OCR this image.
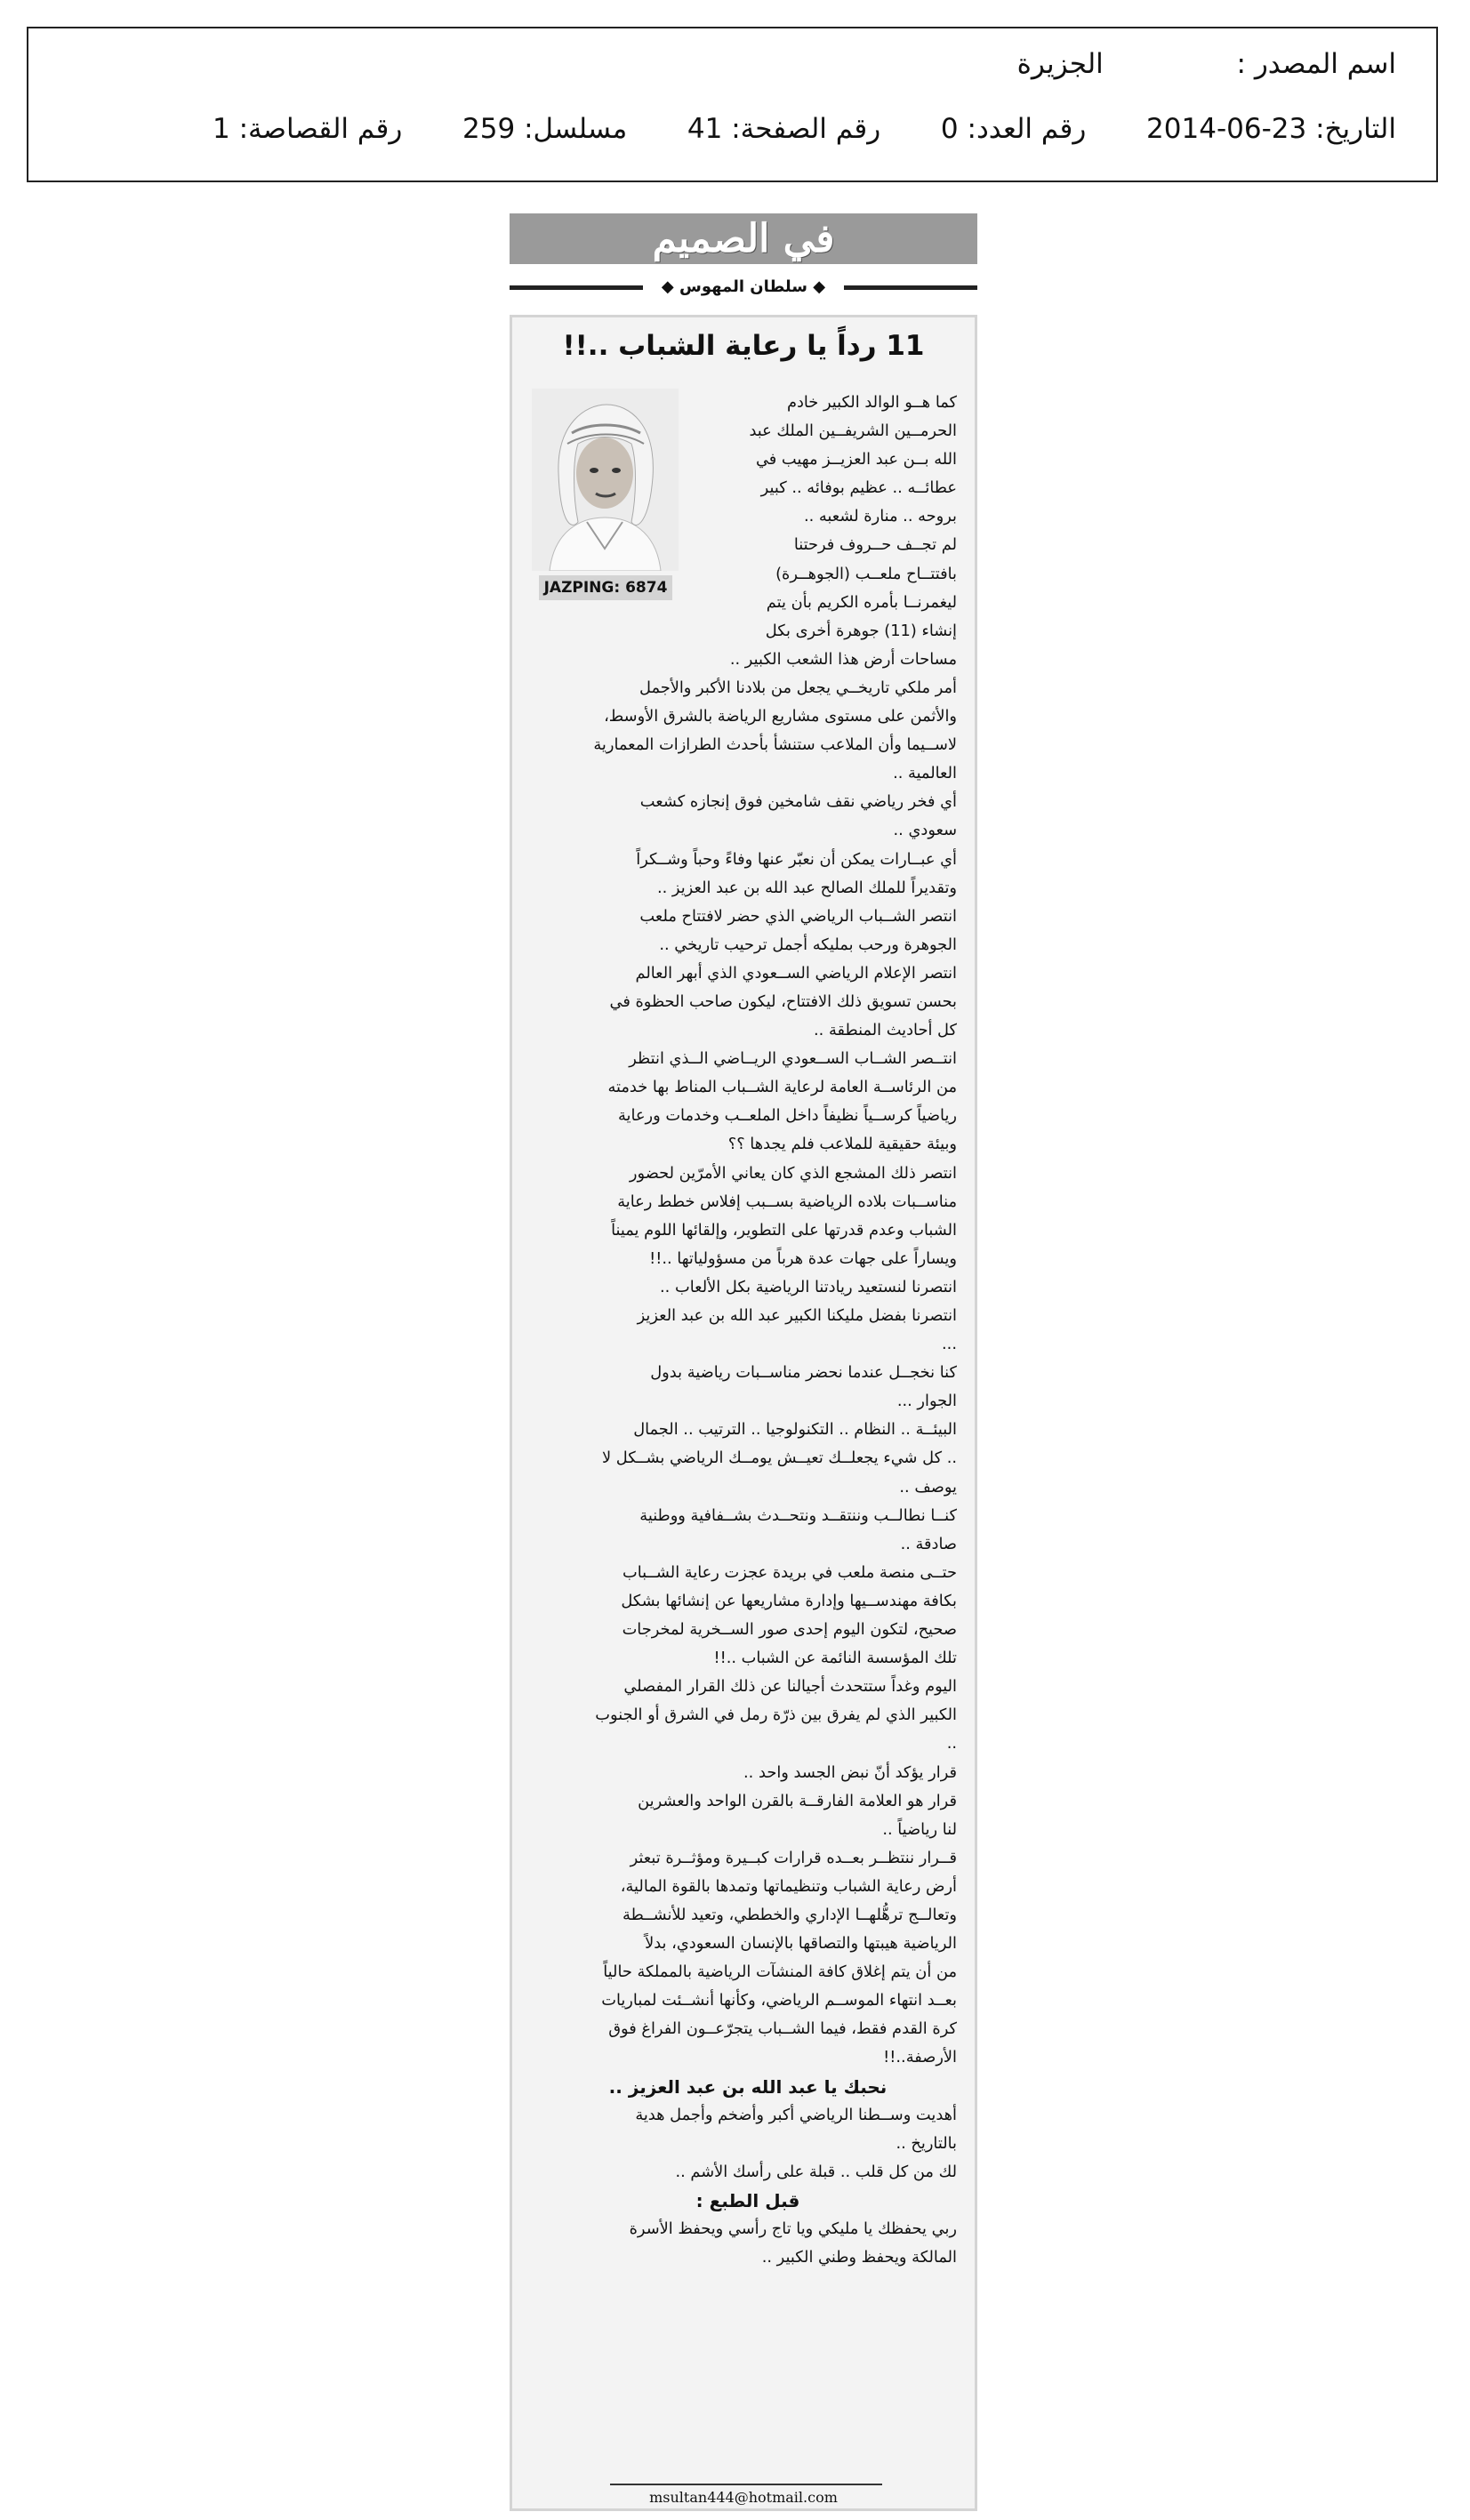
اسم المصدر :  الجزيرة
التاريخ: 2014-06-23  رقم العدد: 0  رقم الصفحة: 41  مسلسل: 259  رقم القصاصة: 1
في الصميم
◆ سلطان المهوس ◆
11 رداً يا رعاية الشباب ..!!
JAZPING: 6874
كما هــو الوالد الكبير خادم
الحرمــين الشريفــين الملك عبد
الله بــن عبد العزيــز مهيب في
عطائــه .. عظيم بوفائه .. كبير
بروحه .. منارة لشعبه ..
لم تجــف حــروف فرحتنا
بافتتــاح ملعــب (الجوهــرة)
ليغمرنــا بأمره الكريم بأن يتم
إنشاء (11) جوهرة أخرى بكل
مساحات أرض هذا الشعب الكبير ..
أمر ملكي تاريخــي يجعل من بلادنا الأكبر والأجمل
والأثمن على مستوى مشاريع الرياضة بالشرق الأوسط،
لاســيما وأن الملاعب ستنشأ بأحدث الطرازات المعمارية
العالمية ..
أي فخر رياضي نقف شامخين فوق إنجازه كشعب
سعودي ..
أي عبــارات يمكن أن نعبّر عنها وفاءً وحباً وشــكراً
وتقديراً للملك الصالح عبد الله بن عبد العزيز ..
انتصر الشــباب الرياضي الذي حضر لافتتاح ملعب
الجوهرة ورحب بمليكه أجمل ترحيب تاريخي ..
انتصر الإعلام الرياضي الســعودي الذي أبهر العالم
بحسن تسويق ذلك الافتتاح، ليكون صاحب الحظوة في
كل أحاديث المنطقة ..
انتــصر الشــاب الســعودي الريــاضي الــذي انتظر
من الرئاســة العامة لرعاية الشــباب المناط بها خدمته
رياضياً كرســياً نظيفاً داخل الملعــب وخدمات ورعاية
وبيئة حقيقية للملاعب فلم يجدها ؟؟
انتصر ذلك المشجع الذي كان يعاني الأمرّين لحضور
مناســبات بلاده الرياضية بســبب إفلاس خطط رعاية
الشباب وعدم قدرتها على التطوير، وإلقائها اللوم يميناً
ويساراً على جهات عدة هرباً من مسؤولياتها ..!!
انتصرنا لنستعيد ريادتنا الرياضية بكل الألعاب ..
انتصرنا بفضل مليكنا الكبير عبد الله بن عبد العزيز
...
كنا نخجــل عندما نحضر مناســبات رياضية بدول
الجوار ...
البيئــة .. النظام .. التكنولوجيا .. الترتيب .. الجمال
.. كل شيء يجعلــك تعيــش يومــك الرياضي بشــكل لا
يوصف ..
كنــا نطالــب وننتقــد ونتحــدث بشــفافية ووطنية
صادقة ..
حتــى منصة ملعب في بريدة عجزت رعاية الشــباب
بكافة مهندســيها وإدارة مشاريعها عن إنشائها بشكل
صحيح، لتكون اليوم إحدى صور الســخرية لمخرجات
تلك المؤسسة النائمة عن الشباب ..!!
اليوم وغداً ستتحدث أجيالنا عن ذلك القرار المفصلي
الكبير الذي لم يفرق بين ذرّة رمل في الشرق أو الجنوب
..
قرار يؤكد أنّ نبض الجسد واحد ..
قرار هو العلامة الفارقــة بالقرن الواحد والعشرين
لنا رياضياً ..
قــرار ننتظــر بعــده قرارات كبــيرة ومؤثــرة تبعثر
أرض رعاية الشباب وتنظيماتها وتمدها بالقوة المالية،
وتعالــج ترهُّلهــا الإداري والخططي، وتعيد للأنشــطة
الرياضية هيبتها والتصاقها بالإنسان السعودي، بدلاً
من أن يتم إغلاق كافة المنشآت الرياضية بالمملكة حالياً
بعــد انتهاء الموســم الرياضي، وكأنها أنشــئت لمباريات
كرة القدم فقط، فيما الشــباب يتجرّعــون الفراغ فوق
الأرصفة..!!
نحبك يا عبد الله بن عبد العزيز ..
أهديت وســطنا الرياضي أكبر وأضخم وأجمل هدية
بالتاريخ ..
لك من كل قلب .. قبلة على رأسك الأشم ..
قبل الطبع :
ربي يحفظك يا مليكي ويا تاج رأسي ويحفظ الأسرة
المالكة ويحفظ وطني الكبير ..
msultan444@hotmail.com
